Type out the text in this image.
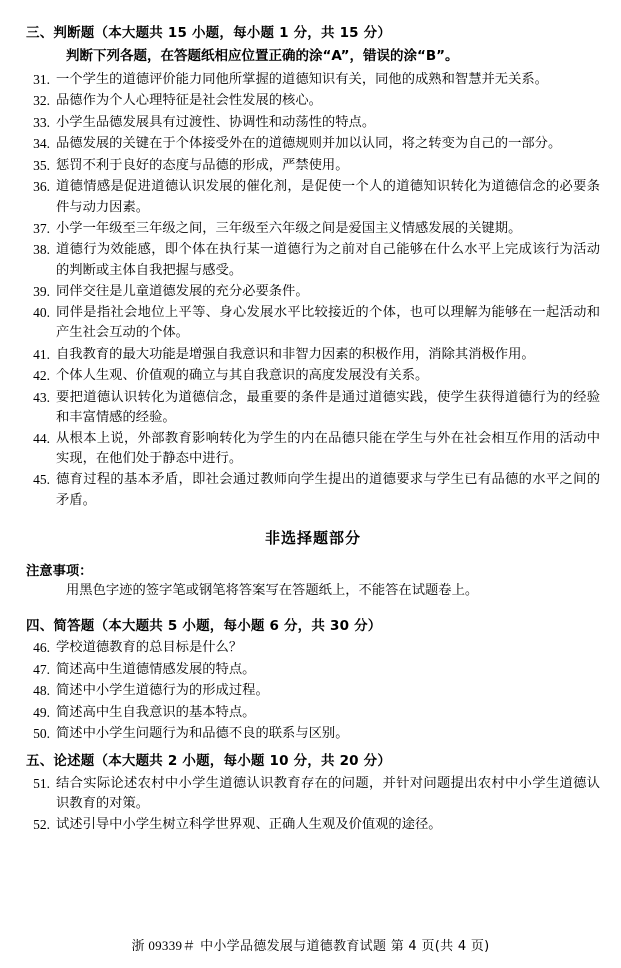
三、判断题（本大题共 15 小题，每小题 1 分，共 15 分）
判断下列各题，在答题纸相应位置正确的涂“A”，错误的涂“B”。
31. 一个学生的道德评价能力同他所掌握的道德知识有关，同他的成熟和智慧并无关系。
32. 品德作为个人心理特征是社会性发展的核心。
33. 小学生品德发展具有过渡性、协调性和动荡性的特点。
34. 品德发展的关键在于个体接受外在的道德规则并加以认同，将之转变为自己的一部分。
35. 惩罚不利于良好的态度与品德的形成，严禁使用。
36. 道德情感是促进道德认识发展的催化剂，是促使一个人的道德知识转化为道德信念的必要条件与动力因素。
37. 小学一年级至三年级之间，三年级至六年级之间是爱国主义情感发展的关键期。
38. 道德行为效能感，即个体在执行某一道德行为之前对自己能够在什么水平上完成该行为活动的判断或主体自我把握与感受。
39. 同伴交往是儿童道德发展的充分必要条件。
40. 同伴是指社会地位上平等、身心发展水平比较接近的个体，也可以理解为能够在一起活动和产生社会互动的个体。
41. 自我教育的最大功能是增强自我意识和非智力因素的积极作用，消除其消极作用。
42. 个体人生观、价值观的确立与其自我意识的高度发展没有关系。
43. 要把道德认识转化为道德信念，最重要的条件是通过道德实践，使学生获得道德行为的经验和丰富情感的经验。
44. 从根本上说，外部教育影响转化为学生的内在品德只能在学生与外在社会相互作用的活动中实现，在他们处于静态中进行。
45. 德育过程的基本矛盾，即社会通过教师向学生提出的道德要求与学生已有品德的水平之间的矛盾。
非选择题部分
注意事项：
用黑色字迹的签字笔或钢笔将答案写在答题纸上，不能答在试题卷上。
四、简答题（本大题共 5 小题，每小题 6 分，共 30 分）
46. 学校道德教育的总目标是什么？
47. 简述高中生道德情感发展的特点。
48. 简述中小学生道德行为的形成过程。
49. 简述高中生自我意识的基本特点。
50. 简述中小学生问题行为和品德不良的联系与区别。
五、论述题（本大题共 2 小题，每小题 10 分，共 20 分）
51. 结合实际论述农村中小学生道德认识教育存在的问题，并针对问题提出农村中小学生道德认识教育的对策。
52. 试述引导中小学生树立科学世界观、正确人生观及价值观的途径。
浙 09339＃ 中小学品德发展与道德教育试题 第 4 页(共 4 页)
